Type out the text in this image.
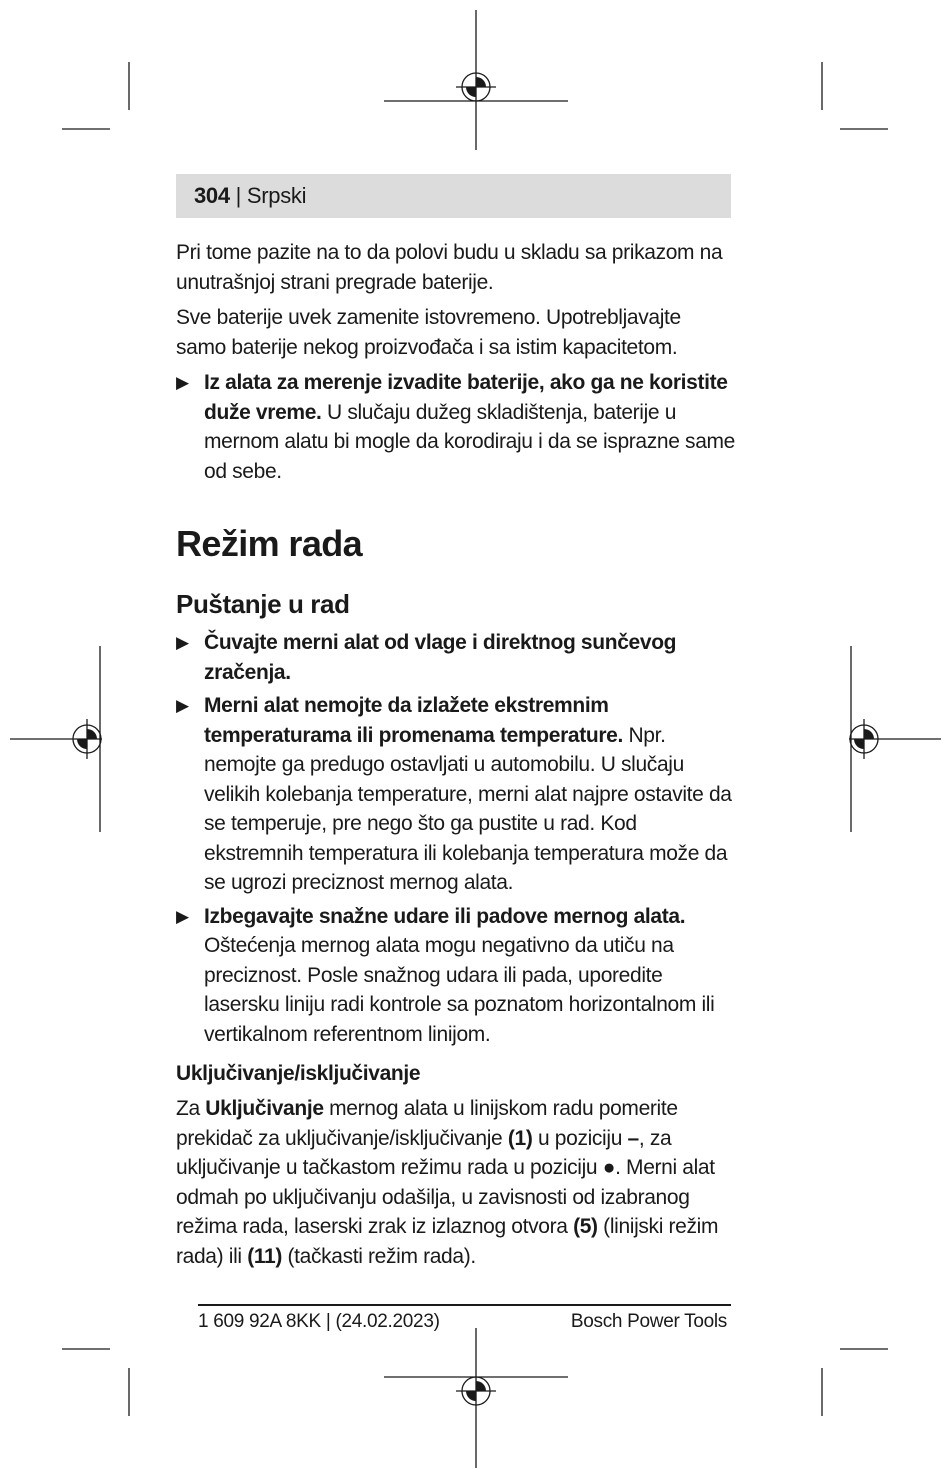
304 | Srpski

Pri tome pazite na to da polovi budu u skladu sa prikazom na unutrašnjoj strani pregrade baterije.

Sve baterije uvek zamenite istovremeno. Upotrebljavajte samo baterije nekog proizvođača i sa istim kapacitetom.

▶ Iz alata za merenje izvadite baterije, ako ga ne koristite duže vreme. U slučaju dužeg skladištenja, baterije u mernom alatu bi mogle da korodiraju i da se isprazne same od sebe.
Režim rada
Puštanje u rad
▶ Čuvajte merni alat od vlage i direktnog sunčevog zračenja.
▶ Merni alat nemojte da izlažete ekstremnim temperaturama ili promenama temperature. Npr. nemojte ga predugo ostavljati u automobilu. U slučaju velikih kolebanja temperature, merni alat najpre ostavite da se temperuje, pre nego što ga pustite u rad. Kod ekstremnih temperatura ili kolebanja temperatura može da se ugrozi preciznost mernog alata.
▶ Izbegavajte snažne udare ili padove mernog alata. Oštećenja mernog alata mogu negativno da utiču na preciznost. Posle snažnog udara ili pada, uporedite lasersku liniju radi kontrole sa poznatom horizontalnom ili vertikalnom referentnom linijom.
Uključivanje/isključivanje

Za Uključivanje mernog alata u linijskom radu pomerite prekidač za uključivanje/isključivanje (1) u poziciju –, za uključivanje u tačkastom režimu rada u poziciju ●. Merni alat odmah po uključivanju odašilja, u zavisnosti od izabranog režima rada, laserski zrak iz izlaznog otvora (5) (linijski režim rada) ili (11) (tačkasti režim rada).

1 609 92A 8KK | (24.02.2023)	Bosch Power Tools
